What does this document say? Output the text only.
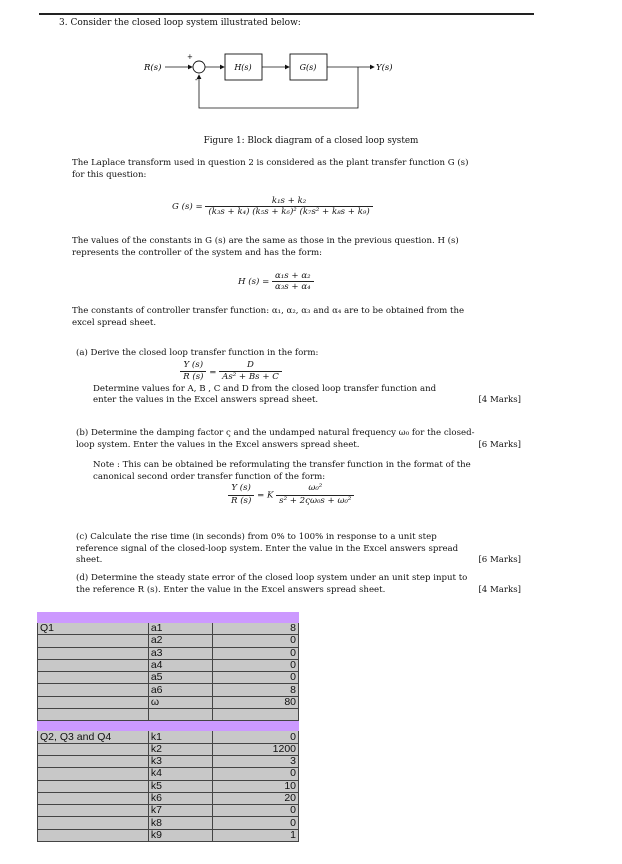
3. Consider the closed loop system illustrated below:
R(s)
+
-
H(s)	G(s)	Y(s)
Figure 1: Block diagram of a closed loop system
The Laplace transform used in question 2 is considered as the plant transfer function G (s) for this question:
G $(s) = \frac{\text{k₁s + k₂}}{\text{(k₃s + k₄) (k₅s + k₆)² (k₇s² + k₈s + k₉)}}$
The values of the constants in G (s) are the same as those in the previous question. H (s) represents the controller of the system and has the form:
H $(s) = \frac{\text{α₁s + α₂}}{\text{α₃s + α₄}}$
The constants of controller transfer function: α₁, α₂, α₃ and α₄ are to be obtained from the excel spread sheet.
(a) Derive the closed loop transfer function in the form:
$\frac{Y (s)}{R (s)} = \frac{D}{\text{As² + Bs + C}}$
Determine values for A, B , C and D from the closed loop transfer function and enter the values in the Excel answers spread sheet.	[4 Marks]
(b) Determine the damping factor ς and the undamped natural frequency ω₀ for the closed-loop system. Enter the values in the Excel answers spread sheet.	[6 Marks]
Note : This can be obtained be reformulating the transfer function in the format of the canonical second order transfer function of the form:
$\frac{Y (s)}{R (s)} = K \frac{\text{ω₀²}}{\text{s² + 2ςω₀s + ω₀²}}$
(c) Calculate the rise time (in seconds) from 0% to 100% in response to a unit step reference signal of the closed-loop system. Enter the value in the Excel answers spread sheet.	[6 Marks]
(d) Determine the steady state error of the closed loop system under an unit step input to the reference R (s). Enter the value in the Excel answers spread sheet.	[4 Marks]

Q1	a1	8
	a2	0
	a3	0
	a4	0
	a5	0
	a6	8
	ω	80

Q2, Q3 and Q4	k1	0
	k2	1200
	k3	3
	k4	0
	k5	10
	k6	20
	k7	0
	k8	0
	k9	1
